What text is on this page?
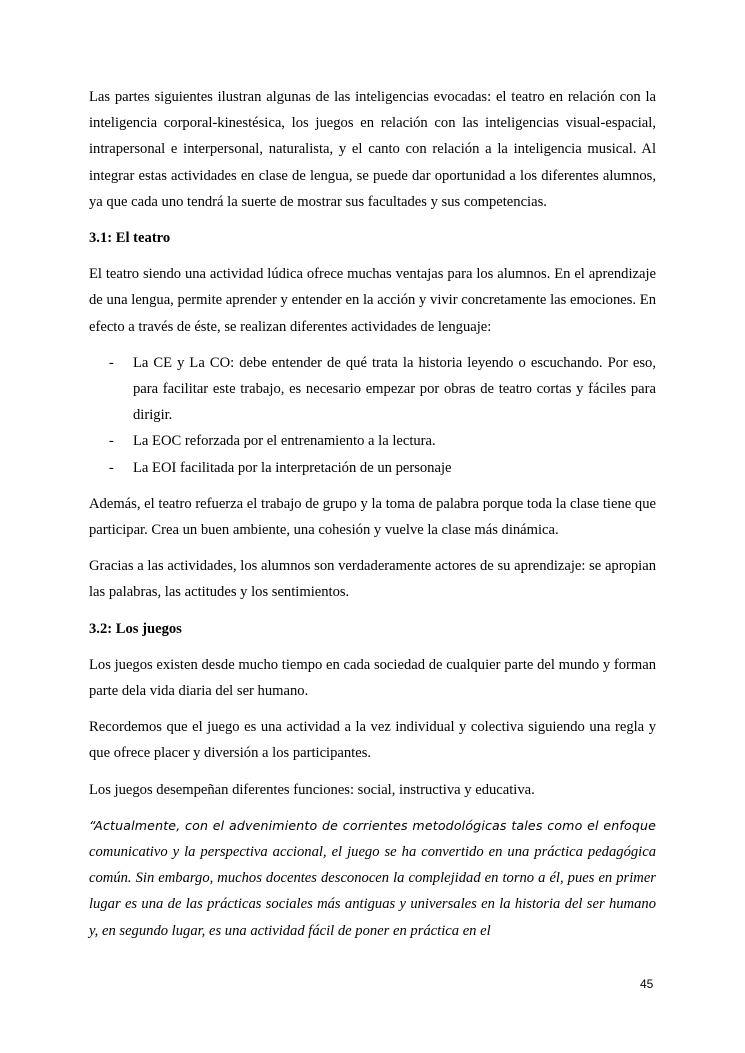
Las partes siguientes ilustran algunas de las inteligencias evocadas: el teatro en relación con la inteligencia corporal-kinestésica, los juegos en relación con las inteligencias visual-espacial, intrapersonal e interpersonal, naturalista, y el canto con relación a la inteligencia musical. Al integrar estas actividades en clase de lengua, se puede dar oportunidad a los diferentes alumnos, ya que cada uno tendrá la suerte de mostrar sus facultades y sus competencias.

3.1: El teatro

El teatro siendo una actividad lúdica ofrece muchas ventajas para los alumnos. En el aprendizaje de una lengua, permite aprender y entender en la acción y vivir concretamente las emociones. En efecto a través de éste, se realizan diferentes actividades de lenguaje:

- La CE y La CO: debe entender de qué trata la historia leyendo o escuchando. Por eso, para facilitar este trabajo, es necesario empezar por obras de teatro cortas y fáciles para dirigir.
- La EOC reforzada por el entrenamiento a la lectura.
- La EOI facilitada por la interpretación de un personaje

Además, el teatro refuerza el trabajo de grupo y la toma de palabra porque toda la clase tiene que participar. Crea un buen ambiente, una cohesión y vuelve la clase más dinámica.

Gracias a las actividades, los alumnos son verdaderamente actores de su aprendizaje: se apropian las palabras, las actitudes y los sentimientos.

3.2: Los juegos

Los juegos existen desde mucho tiempo en cada sociedad de cualquier parte del mundo y forman parte dela vida diaria del ser humano.

Recordemos que el juego es una actividad a la vez individual y colectiva siguiendo una regla y que ofrece placer y diversión a los participantes.

Los juegos desempeñan diferentes funciones: social, instructiva y educativa.

“Actualmente, con el advenimiento de corrientes metodológicas tales como el enfoque comunicativo y la perspectiva accional, el juego se ha convertido en una práctica pedagógica común. Sin embargo, muchos docentes desconocen la complejidad en torno a él, pues en primer lugar es una de las prácticas sociales más antiguas y universales en la historia del ser humano y, en segundo lugar, es una actividad fácil de poner en práctica en el

45
